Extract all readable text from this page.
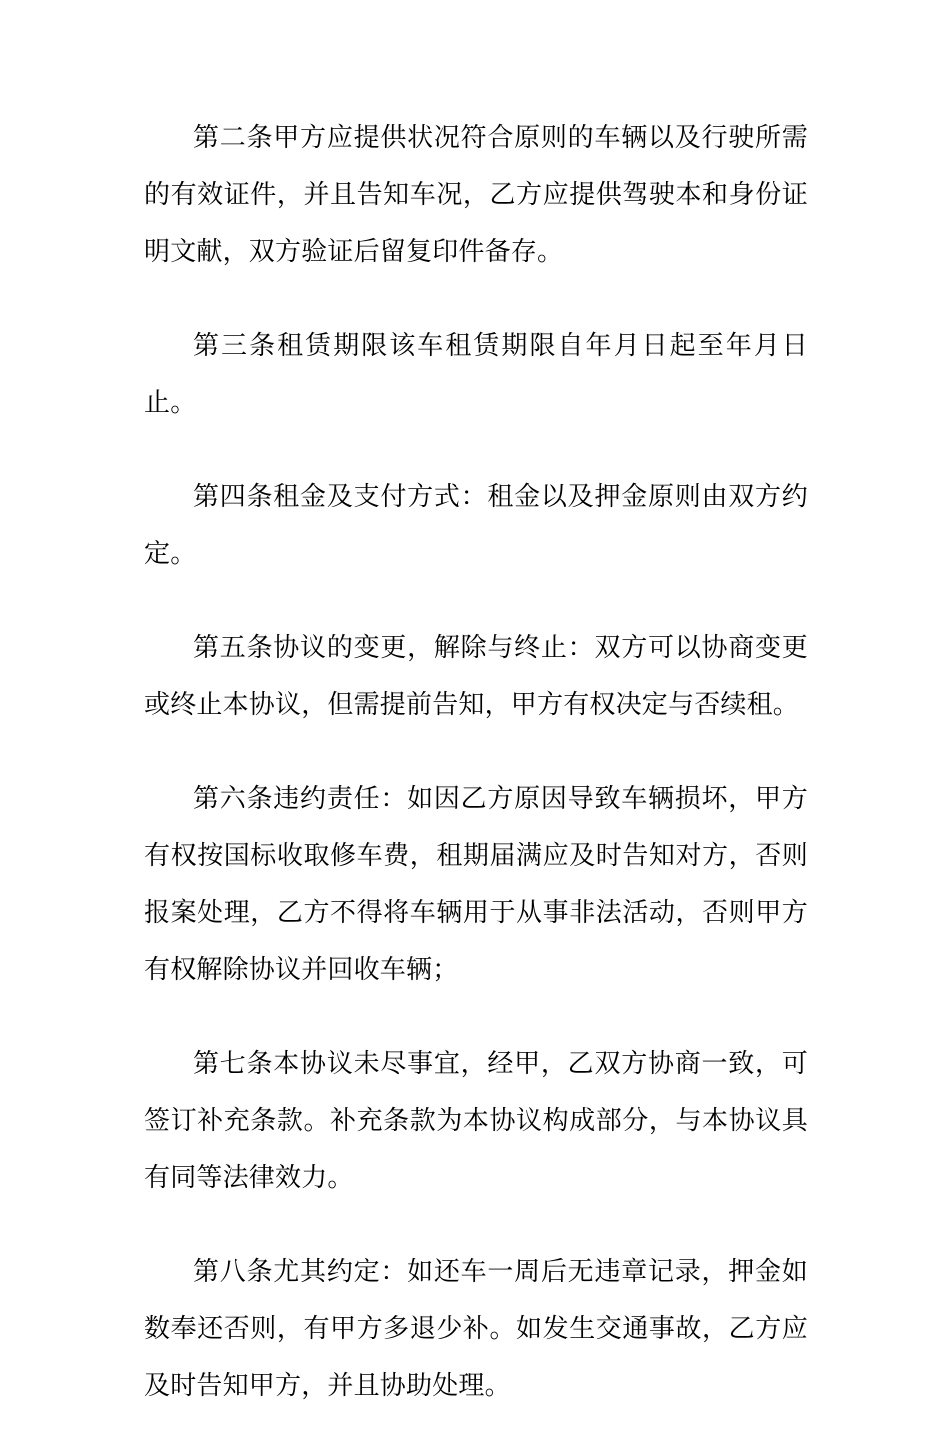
第二条甲方应提供状况符合原则的车辆以及行驶所需的有效证件，并且告知车况，乙方应提供驾驶本和身份证明文献，双方验证后留复印件备存。

第三条租赁期限该车租赁期限自年月日起至年月日止。

第四条租金及支付方式：租金以及押金原则由双方约定。

第五条协议的变更，解除与终止：双方可以协商变更或终止本协议，但需提前告知，甲方有权决定与否续租。

第六条违约责任：如因乙方原因导致车辆损坏，甲方有权按国标收取修车费，租期届满应及时告知对方，否则报案处理，乙方不得将车辆用于从事非法活动，否则甲方有权解除协议并回收车辆；

第七条本协议未尽事宜，经甲，乙双方协商一致，可签订补充条款。补充条款为本协议构成部分，与本协议具有同等法律效力。

第八条尤其约定：如还车一周后无违章记录，押金如数奉还否则，有甲方多退少补。如发生交通事故，乙方应及时告知甲方，并且协助处理。
